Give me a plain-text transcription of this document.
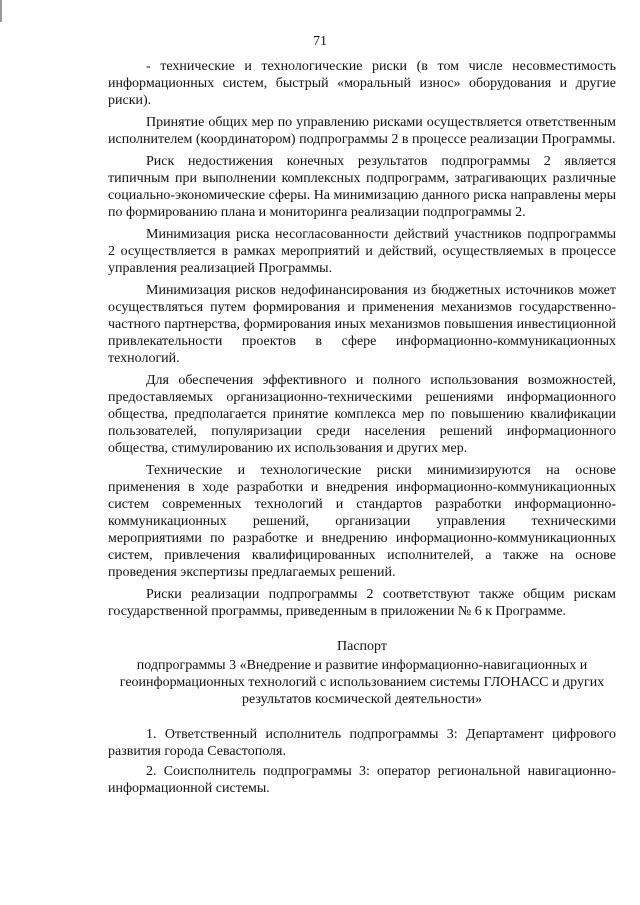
71

- технические и технологические риски (в том числе несовместимость информационных систем, быстрый «моральный износ» оборудования и другие риски).

Принятие общих мер по управлению рисками осуществляется ответственным исполнителем (координатором) подпрограммы 2 в процессе реализации Программы.

Риск недостижения конечных результатов подпрограммы 2 является типичным при выполнении комплексных подпрограмм, затрагивающих различные социально-экономические сферы. На минимизацию данного риска направлены меры по формированию плана и мониторинга реализации подпрограммы 2.

Минимизация риска несогласованности действий участников подпрограммы 2 осуществляется в рамках мероприятий и действий, осуществляемых в процессе управления реализацией Программы.

Минимизация рисков недофинансирования из бюджетных источников может осуществляться путем формирования и применения механизмов государственно-частного партнерства, формирования иных механизмов повышения инвестиционной привлекательности проектов в сфере информационно-коммуникационных технологий.

Для обеспечения эффективного и полного использования возможностей, предоставляемых организационно-техническими решениями информационного общества, предполагается принятие комплекса мер по повышению квалификации пользователей, популяризации среди населения решений информационного общества, стимулированию их использования и других мер.

Технические и технологические риски минимизируются на основе применения в ходе разработки и внедрения информационно-коммуникационных систем современных технологий и стандартов разработки информационно-коммуникационных решений, организации управления техническими мероприятиями по разработке и внедрению информационно-коммуникационных систем, привлечения квалифицированных исполнителей, а также на основе проведения экспертизы предлагаемых решений.

Риски реализации подпрограммы 2 соответствуют также общим рискам государственной программы, приведенным в приложении № 6 к Программе.

Паспорт

подпрограммы 3 «Внедрение и развитие информационно-навигационных и геоинформационных технологий с использованием системы ГЛОНАСС и других результатов космической деятельности»

1. Ответственный исполнитель подпрограммы 3: Департамент цифрового развития города Севастополя.

2. Соисполнитель подпрограммы 3: оператор региональной навигационно-информационной системы.
